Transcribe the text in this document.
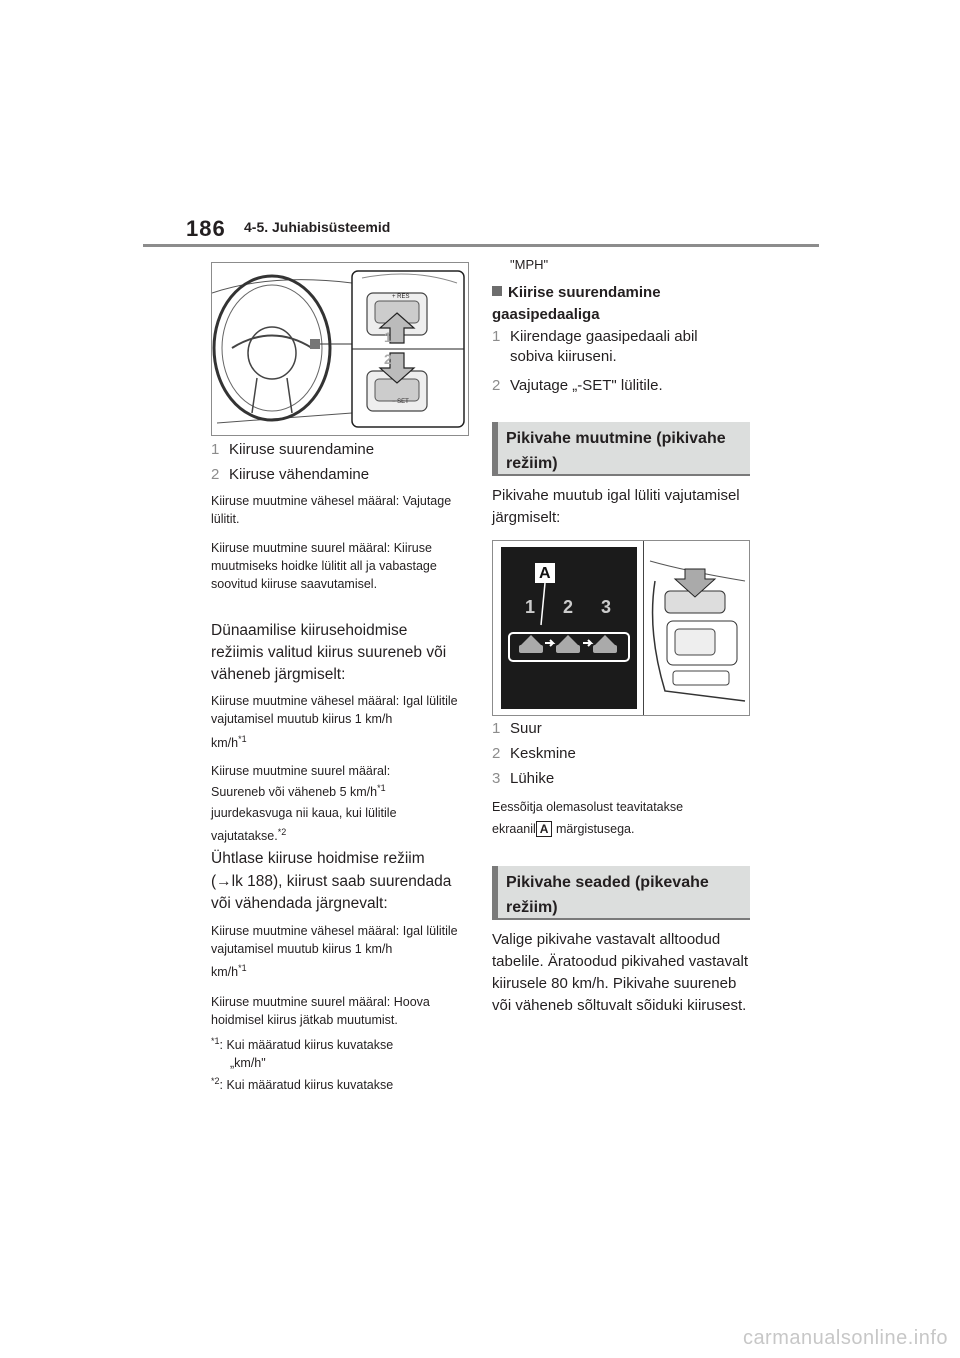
186 4-5. Juhiabisüsteemid
1
2
+ RES
− SET
1 Kiiruse suurendamine
2 Kiiruse vähendamine
Kiiruse muutmine vähesel määral: Vajutage lülitit.
Kiiruse muutmine suurel määral: Kiiruse muutmiseks hoidke lülitit all ja vabastage soovitud kiiruse saavutamisel.
Dünaamilise kiirusehoidmise režiimis valitud kiirus suureneb või väheneb järgmiselt:
Kiiruse muutmine vähesel määral: Igal lülitile vajutamisel muutub kiirus 1 km/h
$km/h^{*1}$
Kiiruse muutmine suurel määral:
Suureneb või väheneb 5 $km/h^{*1}$
juurdekasvuga nii kaua, kui lülitile
vajutatakse.$^{*2}$
Ühtlase kiiruse hoidmise režiim
(→lk 188), kiirust saab suurendada
või vähendada järgnevalt:
Kiiruse muutmine vähesel määral: Igal lülitile vajutamisel muutub kiirus 1 km/h
$km/h^{*1}$
Kiiruse muutmine suurel määral: Hoova hoidmisel kiirus jätkab muutumist.
$^{*1}$: Kui määratud kiirus kuvatakse
„km/h"
$^{*2}$: Kui määratud kiirus kuvatakse
"MPH"
Kiirise suurendamine gaasipedaaliga
1 Kiirendage gaasipedaali abil sobiva kiiruseni.
2 Vajutage „-SET" lülitile.
Pikivahe muutmine (pikivahe režiim)
Pikivahe muutub igal lüliti vajutamisel järgmiselt:
A
1 2 3
1 Suur
2 Keskmine
3 Lühike
Eessõitja olemasolust teavitatakse
ekraanil A märgistusega.
Pikivahe seaded (pikevahe režiim)
Valige pikivahe vastavalt alltoodud tabelile. Äratoodud pikivahed vastavalt kiirusele 80 km/h. Pikivahe suureneb või väheneb sõltuvalt sõiduki kiirusest.
carmanualsonline.info
